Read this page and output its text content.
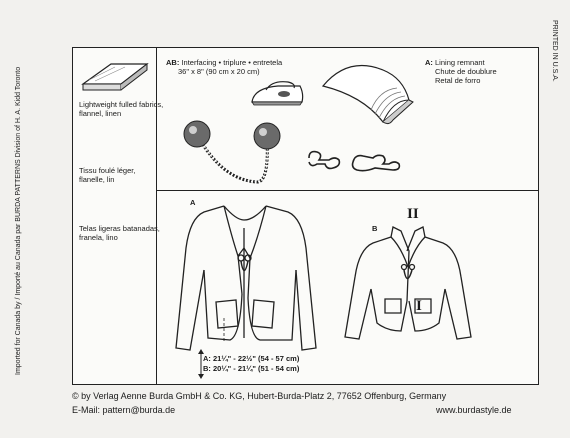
Imported for Canada by / Importé au Canada par BURDA PATTERNS Division of H. A. Kidd Toronto
PRINTED IN U.S.A.
Lightweight fulled fabrics,
flannel, linen
Tissu foulé léger,
flanelle, lin
Telas ligeras batanadas,
franela, lino
AB: Interfacing • triplure • entretela
36" x 8" (90 cm x 20 cm)
A: Lining remnant
Chute de doublure
Retal de forro
A
B
II
I
A: 21¼" - 22½" (54 - 57 cm)
B: 20¼" - 21¼" (51 - 54 cm)
© by Verlag Aenne Burda GmbH & Co. KG, Hubert-Burda-Platz 2, 77652 Offenburg, Germany
E-Mail: pattern@burda.de	www.burdastyle.de
